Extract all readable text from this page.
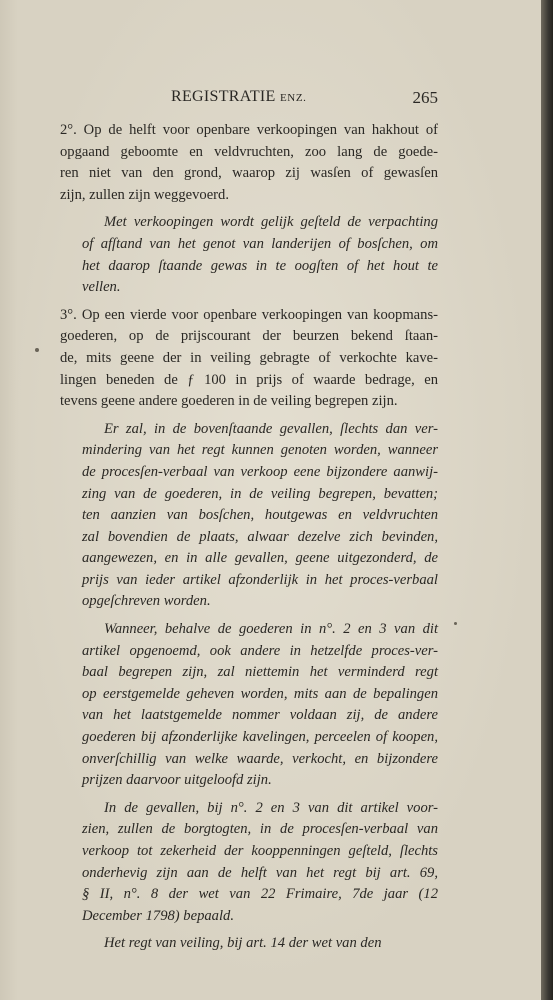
REGISTRATIE ENZ.	265
2°. Op de helft voor openbare verkoopingen van hakhout of
opgaand geboomte en veldvruchten, zoo lang de goede-
ren niet van den grond, waarop zij wasſen of gewasſen
zijn, zullen zijn weggevoerd.
Met verkoopingen wordt gelijk geſteld de verpachting
of afſtand van het genot van landerijen of bosſchen, om
het daarop ſtaande gewas in te oogſten of het hout te
vellen.
3°. Op een vierde voor openbare verkoopingen van koopmans-
goederen, op de prijscourant der beurzen bekend ſtaan-
de, mits geene der in veiling gebragte of verkochte kave-
lingen beneden de ƒ 100 in prijs of waarde bedrage, en
tevens geene andere goederen in de veiling begrepen zijn.
Er zal, in de bovenſtaande gevallen, ſlechts dan ver-
mindering van het regt kunnen genoten worden, wanneer
de procesſen-verbaal van verkoop eene bijzondere aanwij-
zing van de goederen, in de veiling begrepen, bevatten;
ten aanzien van bosſchen, houtgewas en veldvruchten
zal bovendien de plaats, alwaar dezelve zich bevinden,
aangewezen, en in alle gevallen, geene uitgezonderd, de
prijs van ieder artikel afzonderlijk in het proces-verbaal
opgeſchreven worden.
Wanneer, behalve de goederen in n°. 2 en 3 van dit
artikel opgenoemd, ook andere in hetzelfde proces-ver-
baal begrepen zijn, zal niettemin het verminderd regt
op eerstgemelde geheven worden, mits aan de bepalingen
van het laatstgemelde nommer voldaan zij, de andere
goederen bij afzonderlijke kavelingen, perceelen of koopen,
onverſchillig van welke waarde, verkocht, en bijzondere
prijzen daarvoor uitgeloofd zijn.
In de gevallen, bij n°. 2 en 3 van dit artikel voor-
zien, zullen de borgtogten, in de procesſen-verbaal van
verkoop tot zekerheid der kooppenningen geſteld, ſlechts
onderhevig zijn aan de helft van het regt bij art. 69,
§ II, n°. 8 der wet van 22 Frimaire, 7de jaar (12
December 1798) bepaald.
Het regt van veiling, bij art. 14 der wet van den
